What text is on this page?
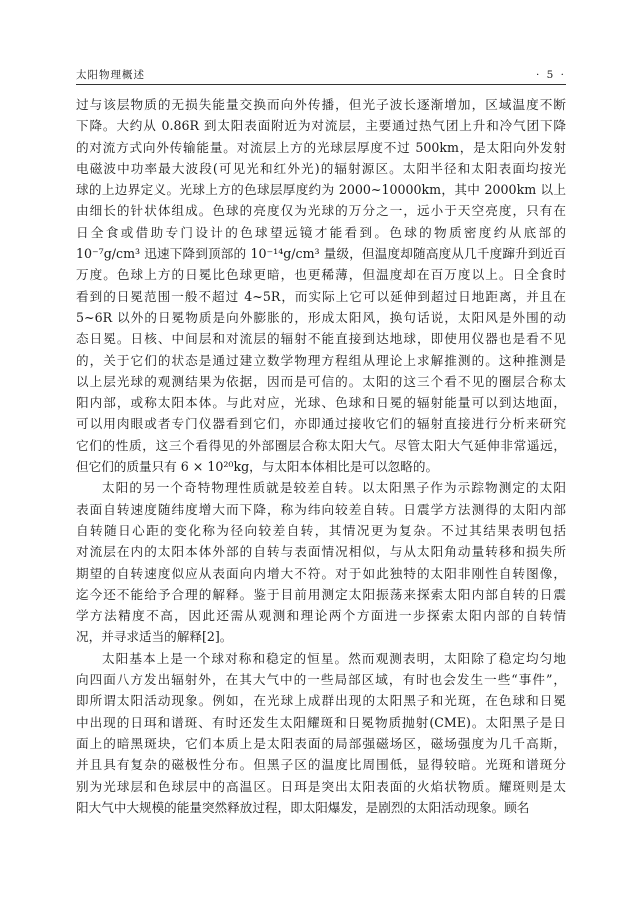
太阳物理概述	· 5 ·
过与该层物质的无损失能量交换而向外传播，但光子波长逐渐增加，区域温度不断
下降。大约从 0.86R 到太阳表面附近为对流层，主要通过热气团上升和冷气团下降
的对流方式向外传输能量。对流层上方的光球层厚度不过 500km，是太阳向外发射
电磁波中功率最大波段(可见光和红外光)的辐射源区。太阳半径和太阳表面均按光
球的上边界定义。光球上方的色球层厚度约为 2000~10000km，其中 2000km 以上
由细长的针状体组成。色球的亮度仅为光球的万分之一，远小于天空亮度，只有在
日全食或借助专门设计的色球望远镜才能看到。色球的物质密度约从底部的
10⁻⁷g/cm³ 迅速下降到顶部的 10⁻¹⁴g/cm³ 量级，但温度却随高度从几千度蹿升到近百
万度。色球上方的日冕比色球更暗，也更稀薄，但温度却在百万度以上。日全食时
看到的日冕范围一般不超过 4~5R，而实际上它可以延伸到超过日地距离，并且在
5~6R 以外的日冕物质是向外膨胀的，形成太阳风，换句话说，太阳风是外围的动
态日冕。日核、中间层和对流层的辐射不能直接到达地球，即使用仪器也是看不见
的，关于它们的状态是通过建立数学物理方程组从理论上求解推测的。这种推测是
以上层光球的观测结果为依据，因而是可信的。太阳的这三个看不见的圈层合称太
阳内部，或称太阳本体。与此对应，光球、色球和日冕的辐射能量可以到达地面，
可以用肉眼或者专门仪器看到它们，亦即通过接收它们的辐射直接进行分析来研究
它们的性质，这三个看得见的外部圈层合称太阳大气。尽管太阳大气延伸非常遥远，
但它们的质量只有 6 × 10²⁰kg，与太阳本体相比是可以忽略的。
太阳的另一个奇特物理性质就是较差自转。以太阳黑子作为示踪物测定的太阳
表面自转速度随纬度增大而下降，称为纬向较差自转。日震学方法测得的太阳内部
自转随日心距的变化称为径向较差自转，其情况更为复杂。不过其结果表明包括
对流层在内的太阳本体外部的自转与表面情况相似，与从太阳角动量转移和损失所
期望的自转速度似应从表面向内增大不符。对于如此独特的太阳非刚性自转图像，
迄今还不能给予合理的解释。鉴于目前用测定太阳振荡来探索太阳内部自转的日震
学方法精度不高，因此还需从观测和理论两个方面进一步探索太阳内部的自转情
况，并寻求适当的解释[2]。
太阳基本上是一个球对称和稳定的恒星。然而观测表明，太阳除了稳定均匀地
向四面八方发出辐射外，在其大气中的一些局部区域，有时也会发生一些“事件”，
即所谓太阳活动现象。例如，在光球上成群出现的太阳黑子和光斑，在色球和日冕
中出现的日珥和谱斑、有时还发生太阳耀斑和日冕物质抛射(CME)。太阳黑子是日
面上的暗黑斑块，它们本质上是太阳表面的局部强磁场区，磁场强度为几千高斯，
并且具有复杂的磁极性分布。但黑子区的温度比周围低，显得较暗。光斑和谱斑分
别为光球层和色球层中的高温区。日珥是突出太阳表面的火焰状物质。耀斑则是太
阳大气中大规模的能量突然释放过程，即太阳爆发，是剧烈的太阳活动现象。顾名
